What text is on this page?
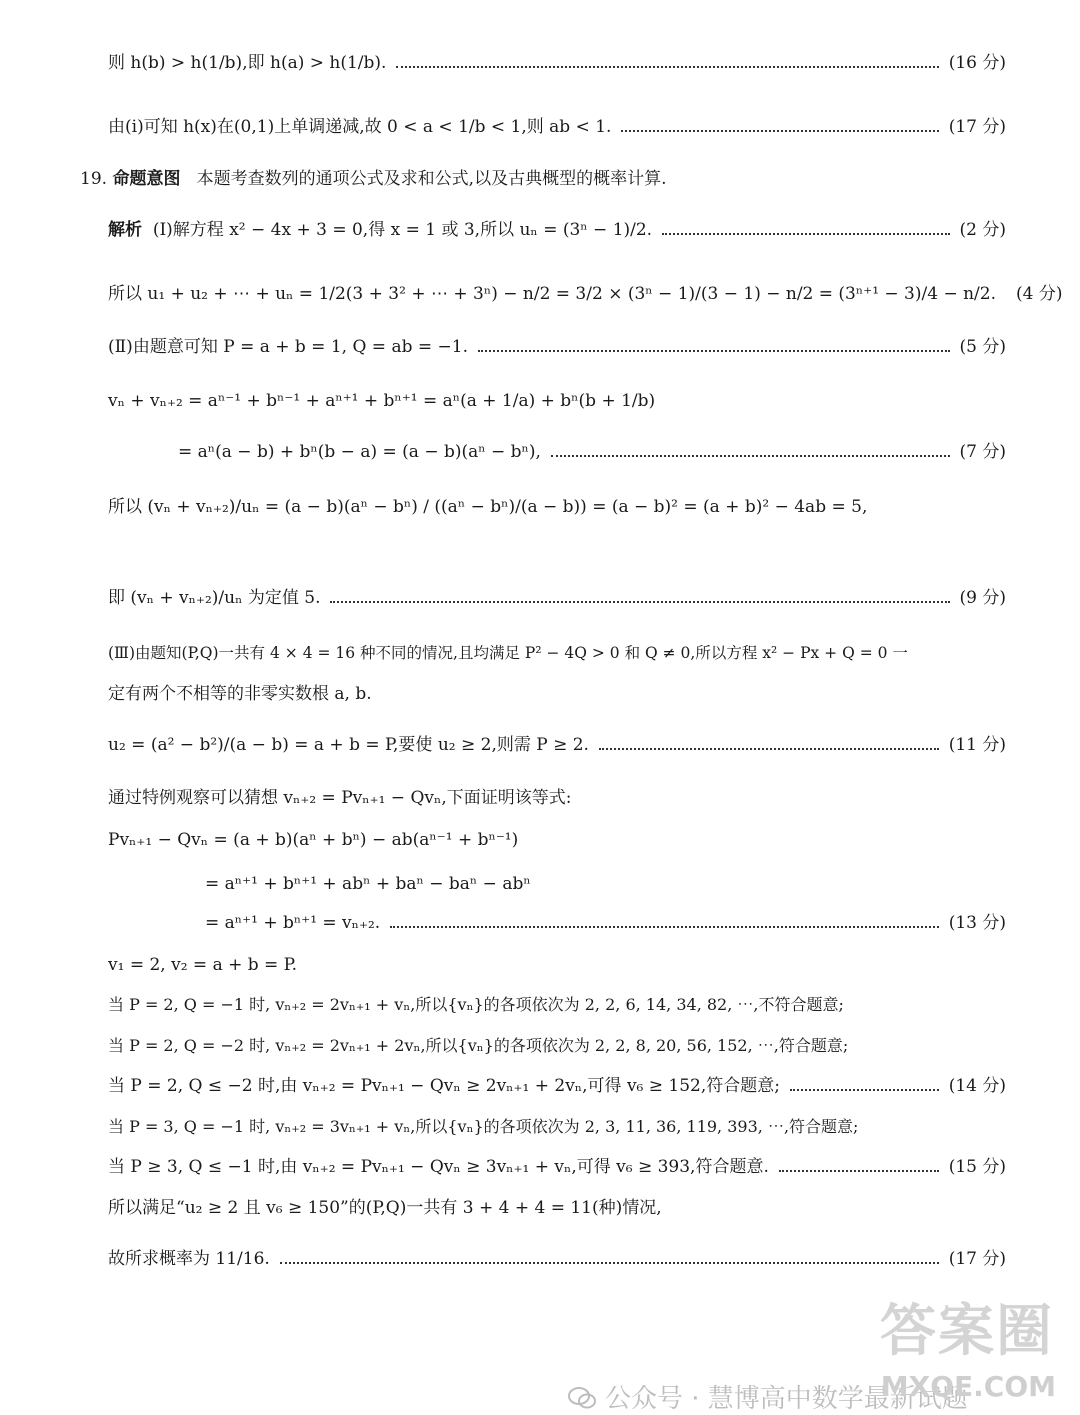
则 h(b) > h(1/b),即 h(a) > h(1/b).	(16 分)
由(ⅰ)可知 h(x)在(0,1)上单调递减,故 0 < a < 1/b < 1,则 ab < 1.	(17 分)
19. 命题意图 本题考查数列的通项公式及求和公式,以及古典概型的概率计算.
解析 (Ⅰ)解方程 x² − 4x + 3 = 0,得 x = 1 或 3,所以 uₙ = (3ⁿ − 1)/2.	(2 分)
所以 u₁ + u₂ + ⋯ + uₙ = 1/2(3 + 3² + ⋯ + 3ⁿ) − n/2 = 3/2 × (3ⁿ − 1)/(3 − 1) − n/2 = (3ⁿ⁺¹ − 3)/4 − n/2. (4 分)
(Ⅱ)由题意可知 P = a + b = 1, Q = ab = −1.	(5 分)
vₙ + vₙ₊₂ = aⁿ⁻¹ + bⁿ⁻¹ + aⁿ⁺¹ + bⁿ⁺¹ = aⁿ(a + 1/a) + bⁿ(b + 1/b)
= aⁿ(a − b) + bⁿ(b − a) = (a − b)(aⁿ − bⁿ),	(7 分)
所以 (vₙ + vₙ₊₂)/uₙ = (a − b)(aⁿ − bⁿ) / ((aⁿ − bⁿ)/(a − b)) = (a − b)² = (a + b)² − 4ab = 5,
即 (vₙ + vₙ₊₂)/uₙ 为定值 5.	(9 分)
(Ⅲ)由题知(P,Q)一共有 4 × 4 = 16 种不同的情况,且均满足 P² − 4Q > 0 和 Q ≠ 0,所以方程 x² − Px + Q = 0 一
定有两个不相等的非零实数根 a, b.
u₂ = (a² − b²)/(a − b) = a + b = P,要使 u₂ ≥ 2,则需 P ≥ 2.	(11 分)
通过特例观察可以猜想 vₙ₊₂ = Pvₙ₊₁ − Qvₙ,下面证明该等式:
Pvₙ₊₁ − Qvₙ = (a + b)(aⁿ + bⁿ) − ab(aⁿ⁻¹ + bⁿ⁻¹)
= aⁿ⁺¹ + bⁿ⁺¹ + abⁿ + baⁿ − baⁿ − abⁿ
= aⁿ⁺¹ + bⁿ⁺¹ = vₙ₊₂.	(13 分)
v₁ = 2, v₂ = a + b = P.
当 P = 2, Q = −1 时, vₙ₊₂ = 2vₙ₊₁ + vₙ,所以{vₙ}的各项依次为 2, 2, 6, 14, 34, 82, ⋯,不符合题意;
当 P = 2, Q = −2 时, vₙ₊₂ = 2vₙ₊₁ + 2vₙ,所以{vₙ}的各项依次为 2, 2, 8, 20, 56, 152, ⋯,符合题意;
当 P = 2, Q ≤ −2 时,由 vₙ₊₂ = Pvₙ₊₁ − Qvₙ ≥ 2vₙ₊₁ + 2vₙ,可得 v₆ ≥ 152,符合题意;	(14 分)
当 P = 3, Q = −1 时, vₙ₊₂ = 3vₙ₊₁ + vₙ,所以{vₙ}的各项依次为 2, 3, 11, 36, 119, 393, ⋯,符合题意;
当 P ≥ 3, Q ≤ −1 时,由 vₙ₊₂ = Pvₙ₊₁ − Qvₙ ≥ 3vₙ₊₁ + vₙ,可得 v₆ ≥ 393,符合题意.	(15 分)
所以满足“u₂ ≥ 2 且 v₆ ≥ 150”的(P,Q)一共有 3 + 4 + 4 = 11(种)情况,
故所求概率为 11/16.	(17 分)
公众号 · 慧博高中数学最新试题
答案圈
MXQE.COM
